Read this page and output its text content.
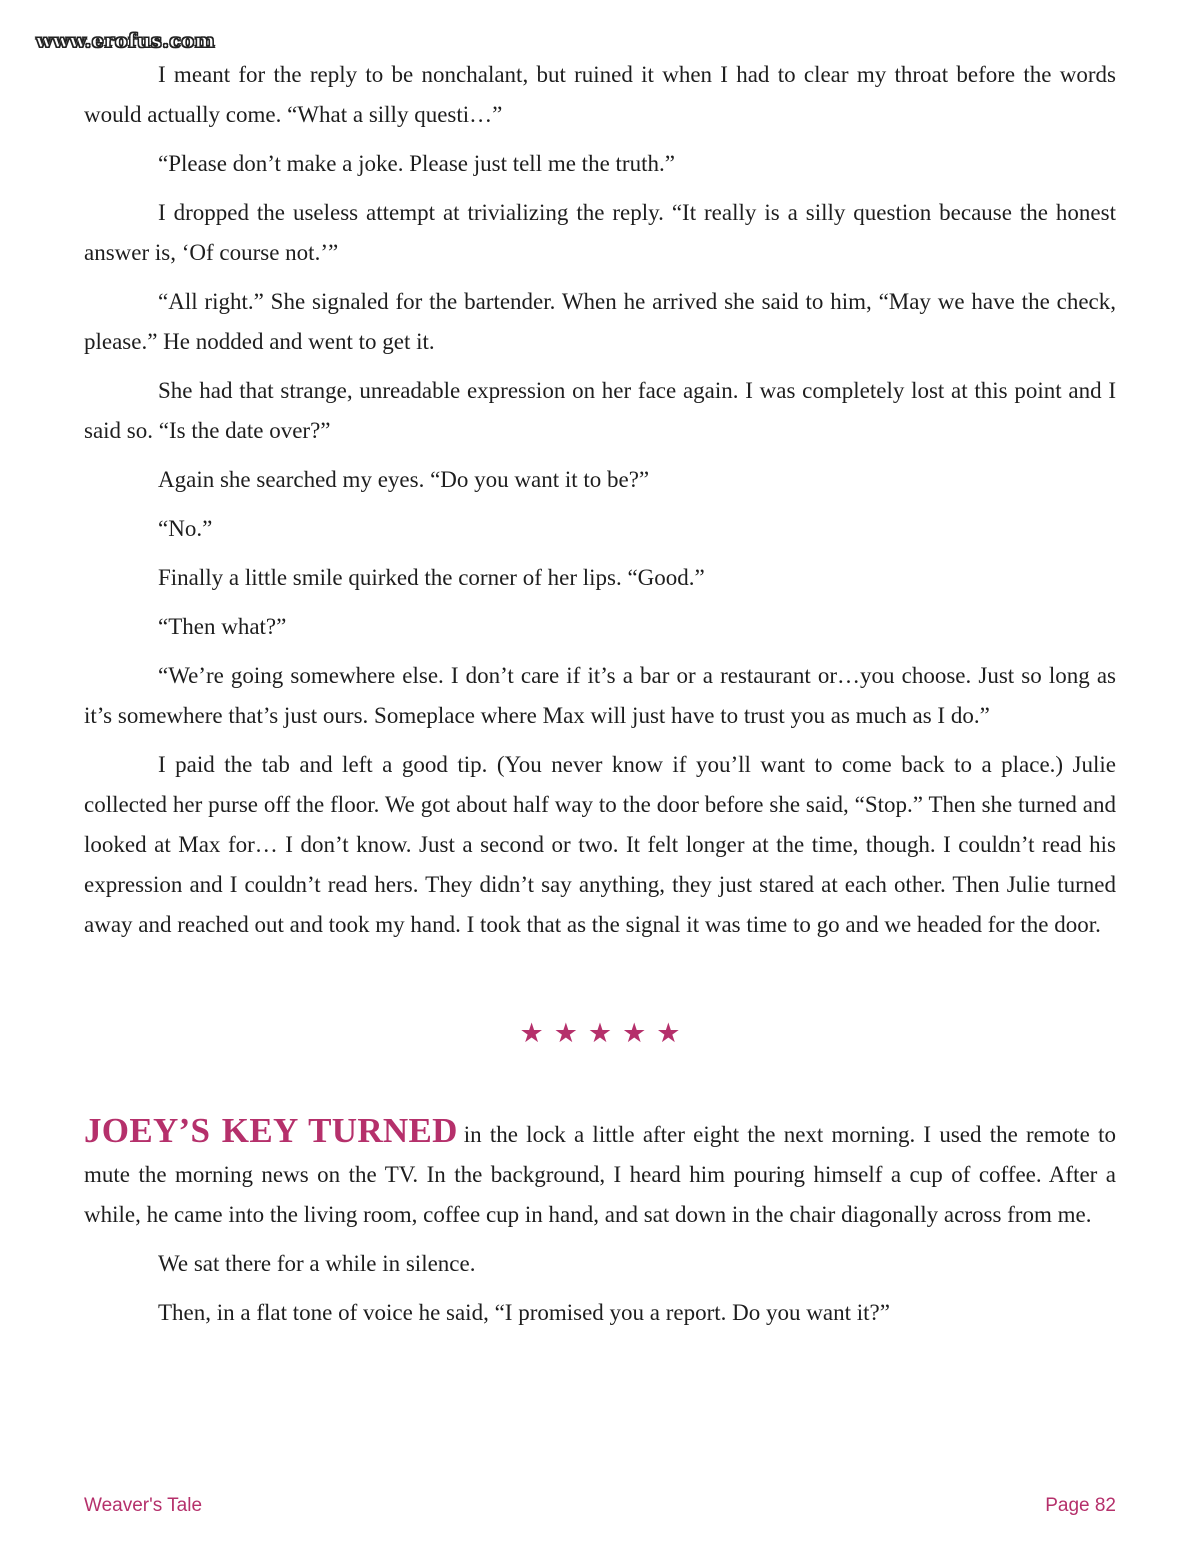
www.erofus.com

I meant for the reply to be nonchalant, but ruined it when I had to clear my throat before the words would actually come. “What a silly questi…”

“Please don’t make a joke. Please just tell me the truth.”

I dropped the useless attempt at trivializing the reply. “It really is a silly question because the honest answer is, ‘Of course not.’”

“All right.” She signaled for the bartender. When he arrived she said to him, “May we have the check, please.” He nodded and went to get it.

She had that strange, unreadable expression on her face again. I was completely lost at this point and I said so. “Is the date over?”

Again she searched my eyes. “Do you want it to be?”

“No.”

Finally a little smile quirked the corner of her lips. “Good.”

“Then what?”

“We’re going somewhere else. I don’t care if it’s a bar or a restaurant or…you choose. Just so long as it’s somewhere that’s just ours. Someplace where Max will just have to trust you as much as I do.”

I paid the tab and left a good tip. (You never know if you’ll want to come back to a place.) Julie collected her purse off the floor. We got about half way to the door before she said, “Stop.” Then she turned and looked at Max for… I don’t know. Just a second or two. It felt longer at the time, though. I couldn’t read his expression and I couldn’t read hers. They didn’t say anything, they just stared at each other. Then Julie turned away and reached out and took my hand. I took that as the signal it was time to go and we headed for the door.

★★★★★

JOEY’S KEY TURNED in the lock a little after eight the next morning. I used the remote to mute the morning news on the TV. In the background, I heard him pouring himself a cup of coffee. After a while, he came into the living room, coffee cup in hand, and sat down in the chair diagonally across from me.

We sat there for a while in silence.

Then, in a flat tone of voice he said, “I promised you a report. Do you want it?”

Weaver's Tale	Page 82
